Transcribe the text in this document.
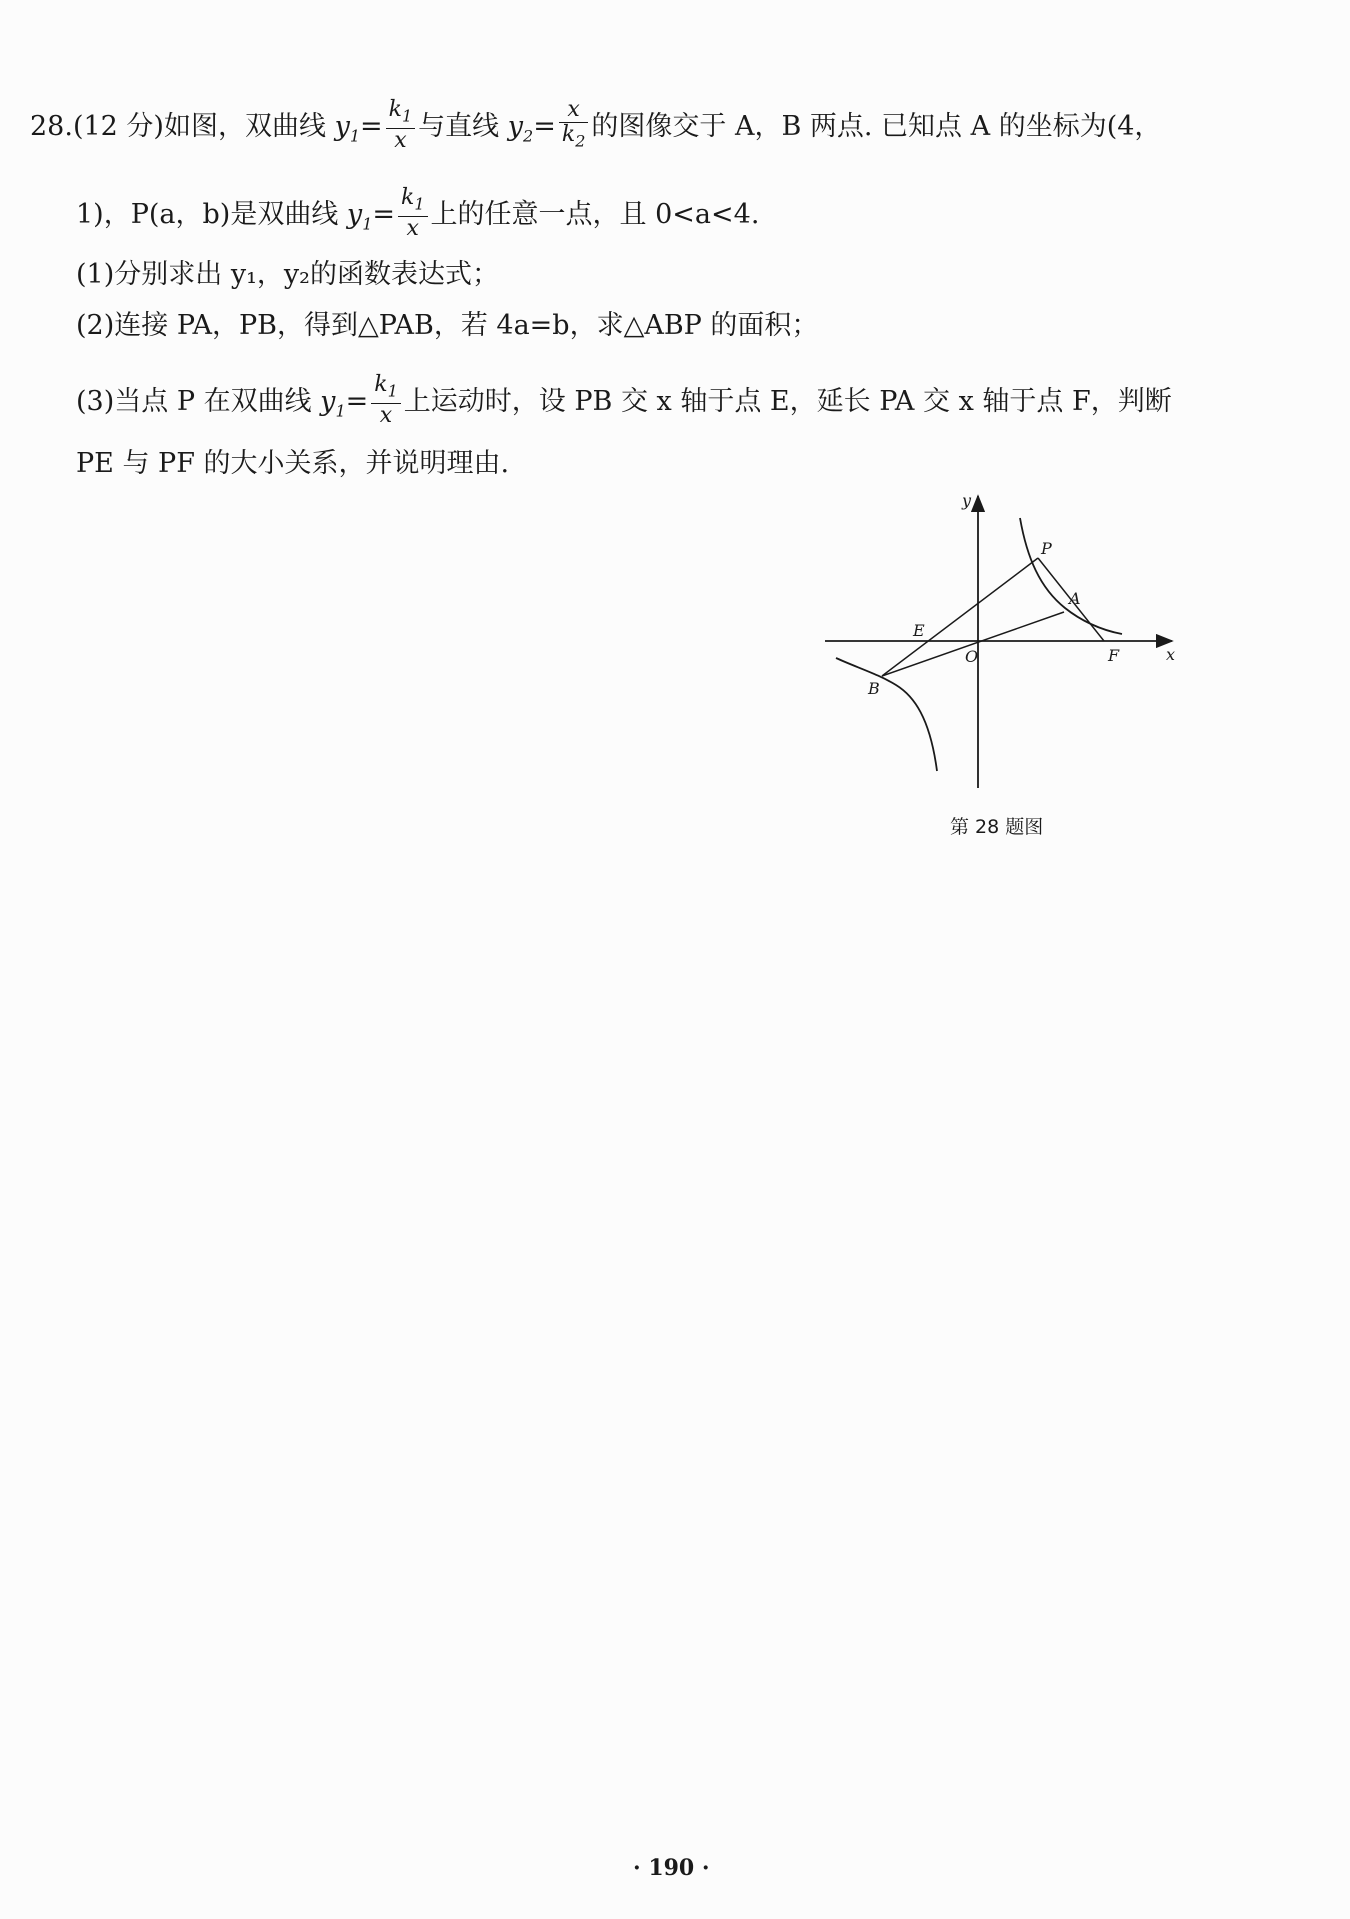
28.(12 分)如图，双曲线 $y_1= \frac{k_1}{x}$ 与直线 $y_2= \frac{x}{k_2}$ 的图像交于 A，B 两点. 已知点 A 的坐标为(4，
1)，P(a，b)是双曲线 $y_1= \frac{k_1}{x}$ 上的任意一点，且 0<a<4.
(1)分别求出 y₁，y₂的函数表达式；
(2)连接 PA，PB，得到△PAB，若 4a=b，求△ABP 的面积；
(3)当点 P 在双曲线 $y_1= \frac{k_1}{x}$ 上运动时，设 PB 交 x 轴于点 E，延长 PA 交 x 轴于点 F，判断
PE 与 PF 的大小关系，并说明理由.
y
x
O
P
A
E
F
B
第 28 题图
· 190 ·
